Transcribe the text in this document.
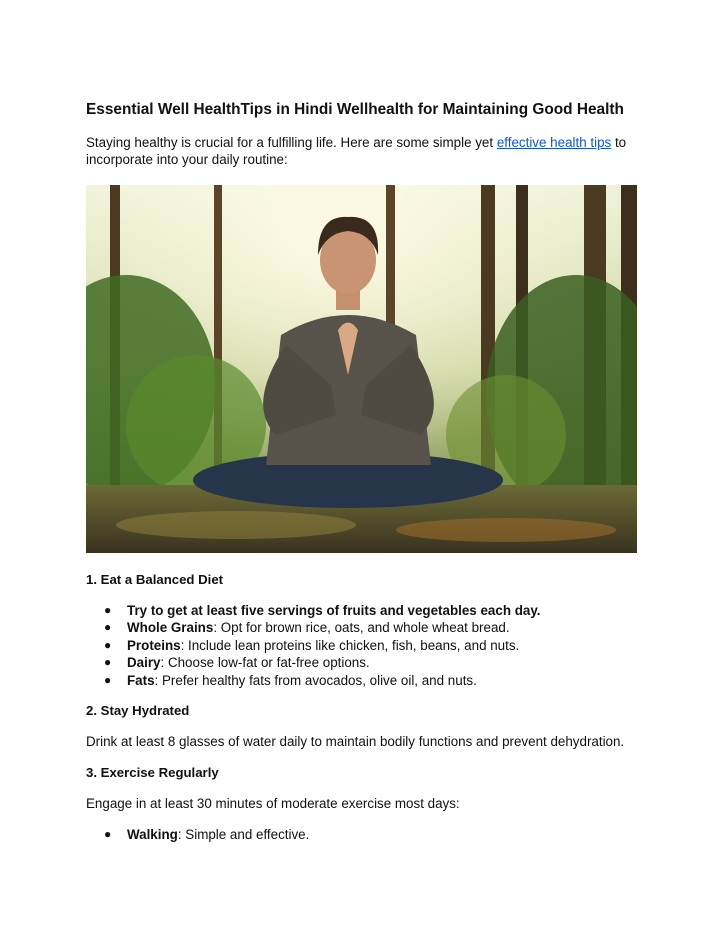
Essential Well HealthTips in Hindi Wellhealth for Maintaining Good Health

Staying healthy is crucial for a fulfilling life. Here are some simple yet effective health tips to incorporate into your daily routine:

1. Eat a Balanced Diet

● Try to get at least five servings of fruits and vegetables each day.
● Whole Grains: Opt for brown rice, oats, and whole wheat bread.
● Proteins: Include lean proteins like chicken, fish, beans, and nuts.
● Dairy: Choose low-fat or fat-free options.
● Fats: Prefer healthy fats from avocados, olive oil, and nuts.

2. Stay Hydrated

Drink at least 8 glasses of water daily to maintain bodily functions and prevent dehydration.

3. Exercise Regularly

Engage in at least 30 minutes of moderate exercise most days:

● Walking: Simple and effective.
